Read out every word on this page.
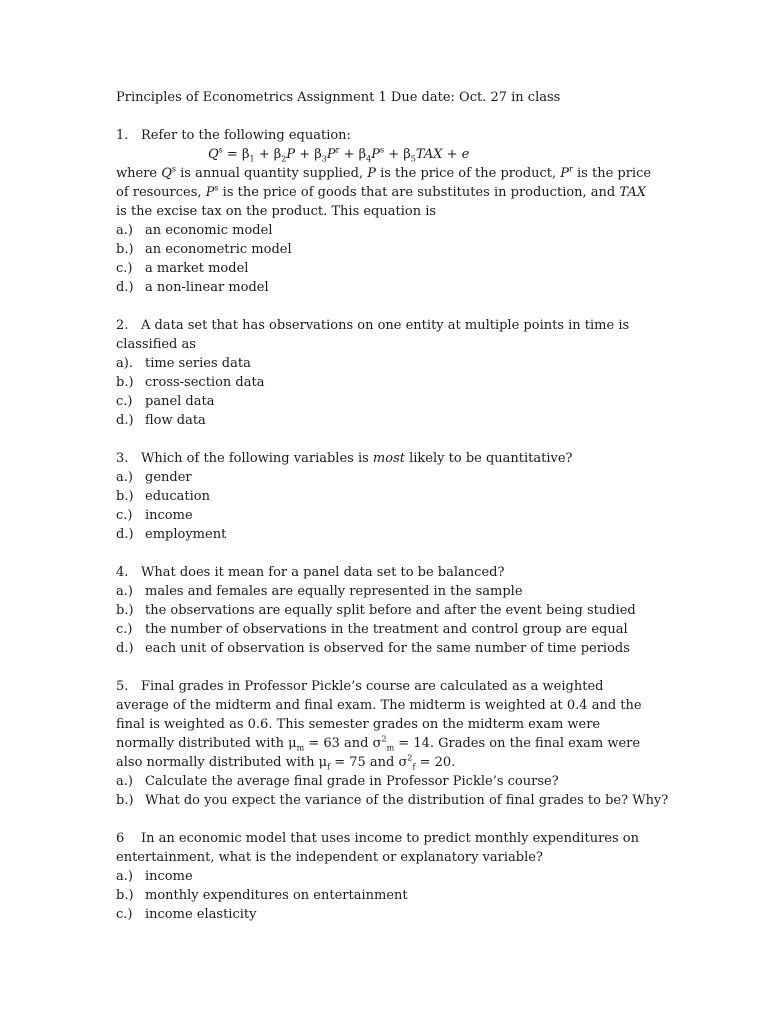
Principles of Econometrics Assignment 1 Due date: Oct. 27 in class

1. Refer to the following equation:

$Q^s = \beta_1 + \beta_2P + \beta_3P^r + \beta_4P^s + \beta_5TAX + e$

where $Q^s$ is annual quantity supplied, P is the price of the product, $P^r$ is the price of resources, $P^s$ is the price of goods that are substitutes in production, and TAX is the excise tax on the product. This equation is

a.) an economic model

b.) an econometric model

c.) a market model

d.) a non-linear model

2. A data set that has observations on one entity at multiple points in time is classified as

a). time series data

b.) cross-section data

c.) panel data

d.) flow data

3. Which of the following variables is most likely to be quantitative?

a.) gender

b.) education

c.) income

d.) employment

4. What does it mean for a panel data set to be balanced?

a.) males and females are equally represented in the sample

b.) the observations are equally split before and after the event being studied

c.) the number of observations in the treatment and control group are equal

d.) each unit of observation is observed for the same number of time periods

5. Final grades in Professor Pickle’s course are calculated as a weighted average of the midterm and final exam. The midterm is weighted at 0.4 and the final is weighted as 0.6. This semester grades on the midterm exam were normally distributed with $\mu_m = 63$ and $\sigma^2_m = 14$. Grades on the final exam were also normally distributed with $\mu_f = 75$ and $\sigma^2_f = 20$.

a.) Calculate the average final grade in Professor Pickle’s course?

b.) What do you expect the variance of the distribution of final grades to be? Why?

6 In an economic model that uses income to predict monthly expenditures on entertainment, what is the independent or explanatory variable?

a.) income

b.) monthly expenditures on entertainment

c.) income elasticity
